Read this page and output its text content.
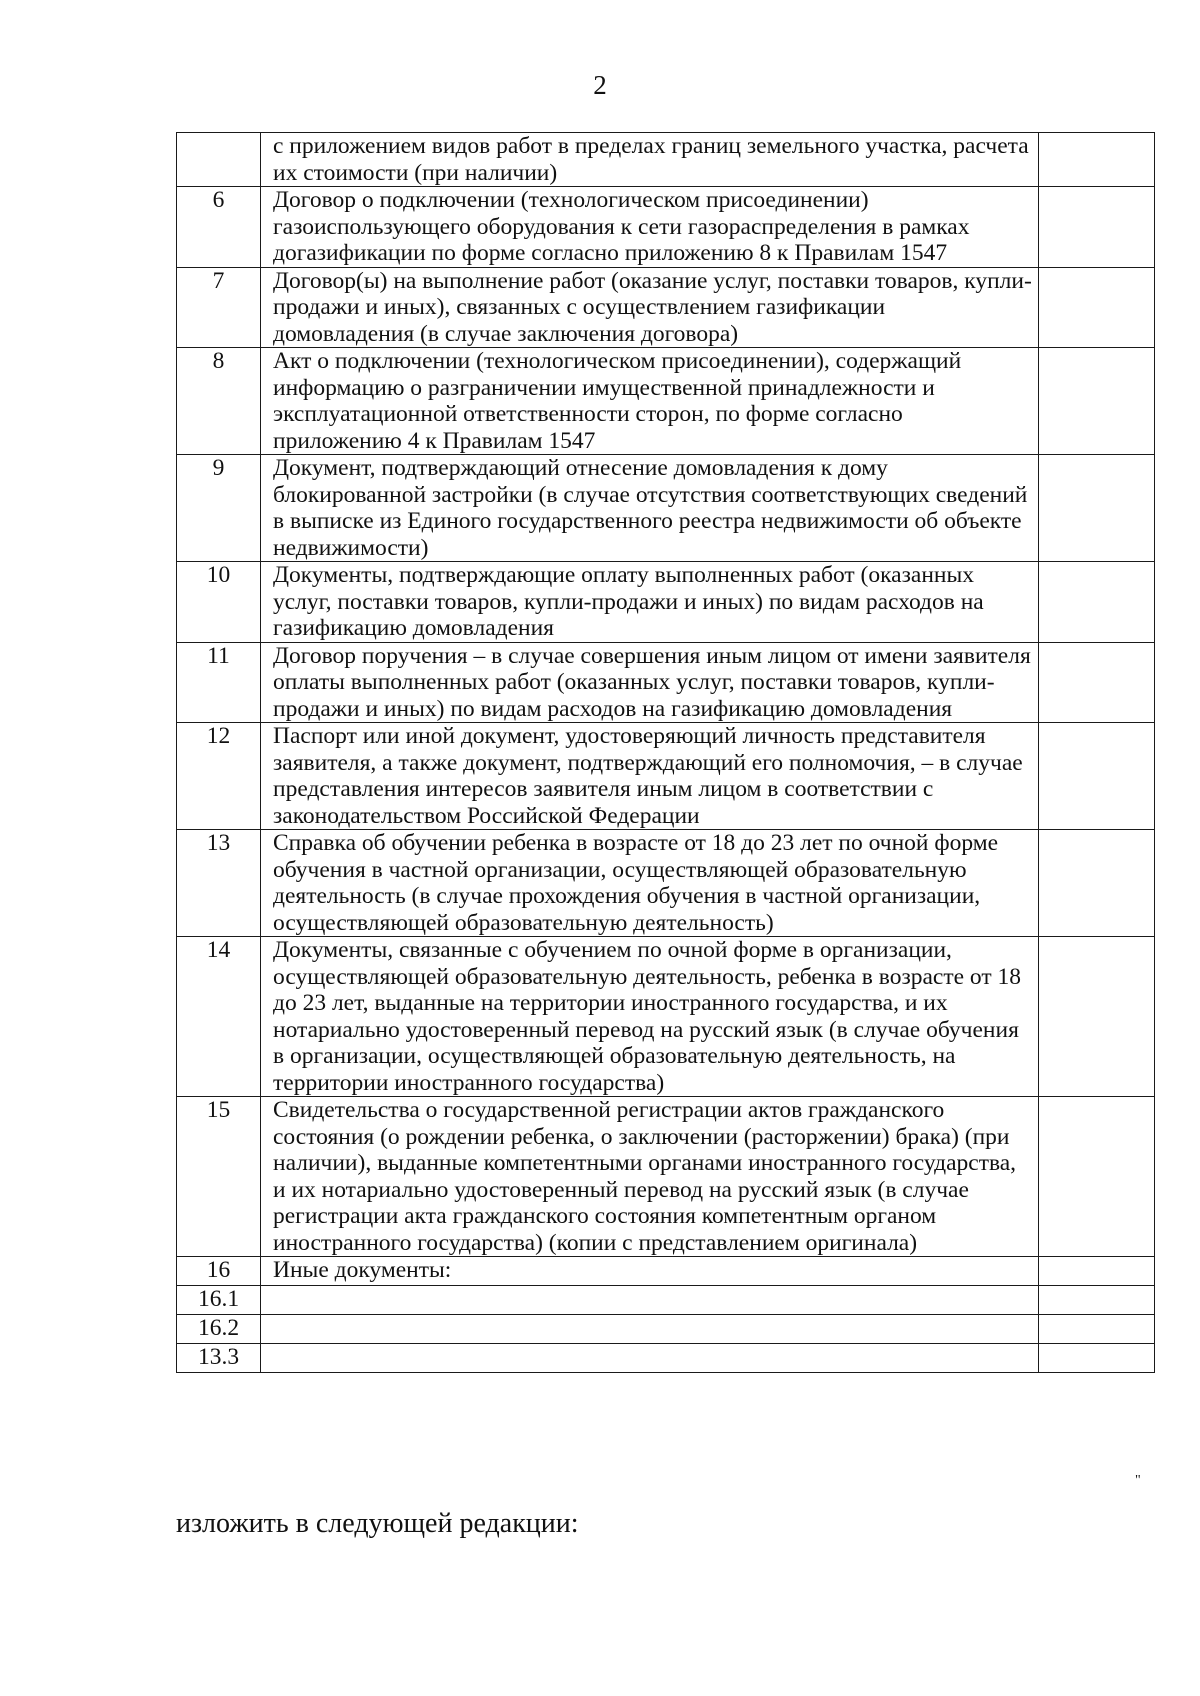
2
	с приложением видов работ в пределах границ земельного участка, расчета их стоимости (при наличии)	
6	Договор о подключении (технологическом присоединении) газоиспользующего оборудования к сети газораспределения в рамках догазификации по форме согласно приложению 8 к Правилам 1547	
7	Договор(ы) на выполнение работ (оказание услуг, поставки товаров, купли-продажи и иных), связанных с осуществлением газификации домовладения (в случае заключения договора)	
8	Акт о подключении (технологическом присоединении), содержащий информацию о разграничении имущественной принадлежности и эксплуатационной ответственности сторон, по форме согласно приложению 4 к Правилам 1547	
9	Документ, подтверждающий отнесение домовладения к дому блокированной застройки (в случае отсутствия соответствующих сведений в выписке из Единого государственного реестра недвижимости об объекте недвижимости)	
10	Документы, подтверждающие оплату выполненных работ (оказанных услуг, поставки товаров, купли-продажи и иных) по видам расходов на газификацию домовладения	
11	Договор поручения – в случае совершения иным лицом от имени заявителя оплаты выполненных работ (оказанных услуг, поставки товаров, купли-продажи и иных) по видам расходов на газификацию домовладения	
12	Паспорт или иной документ, удостоверяющий личность представителя заявителя, а также документ, подтверждающий его полномочия, – в случае представления интересов заявителя иным лицом в соответствии с законодательством Российской Федерации	
13	Справка об обучении ребенка в возрасте от 18 до 23 лет по очной форме обучения в частной организации, осуществляющей образовательную деятельность (в случае прохождения обучения в частной организации, осуществляющей образовательную деятельность)	
14	Документы, связанные с обучением по очной форме в организации, осуществляющей образовательную деятельность, ребенка в возрасте от 18 до 23 лет, выданные на территории иностранного государства, и их нотариально удостоверенный перевод на русский язык (в случае обучения в организации, осуществляющей образовательную деятельность, на территории иностранного государства)	
15	Свидетельства о государственной регистрации актов гражданского состояния (о рождении ребенка, о заключении (расторжении) брака) (при наличии), выданные компетентными органами иностранного государства, и их нотариально удостоверенный перевод на русский язык (в случае регистрации акта гражданского состояния компетентным органом иностранного государства) (копии с представлением оригинала)	
16	Иные документы:	
16.1		
16.2		
13.3		
"
изложить в следующей редакции:
